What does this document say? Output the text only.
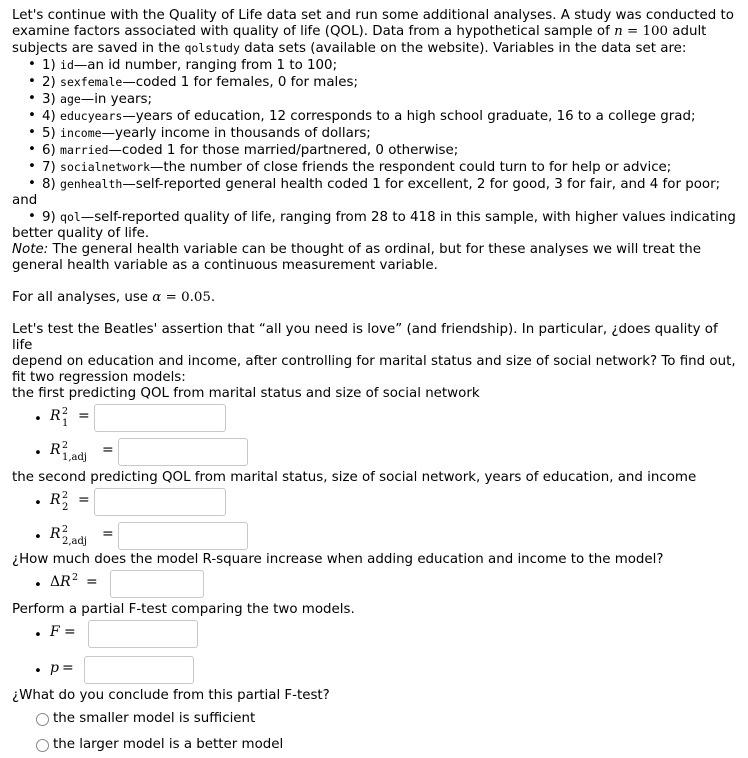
Let's continue with the Quality of Life data set and run some additional analyses. A study was conducted to
examine factors associated with quality of life (QOL). Data from a hypothetical sample of n = 100 adult
subjects are saved in the qolstudy data sets (available on the website). Variables in the data set are:

• 1) id—an id number, ranging from 1 to 100;
• 2) sexfemale—coded 1 for females, 0 for males;
• 3) age—in years;
• 4) educyears—years of education, 12 corresponds to a high school graduate, 16 to a college grad;
• 5) income—yearly income in thousands of dollars;
• 6) married—coded 1 for those married/partnered, 0 otherwise;
• 7) socialnetwork—the number of close friends the respondent could turn to for help or advice;
• 8) genhealth—self-reported general health coded 1 for excellent, 2 for good, 3 for fair, and 4 for poor;

and

• 9) qol—self-reported quality of life, ranging from 28 to 418 in this sample, with higher values indicating

better quality of life.

Note: The general health variable can be thought of as ordinal, but for these analyses we will treat the
general health variable as a continuous measurement variable.

For all analyses, use α = 0.05.

Let's test the Beatles' assertion that “all you need is love” (and friendship). In particular, ¿does quality of life
depend on education and income, after controlling for marital status and size of social network? To find out,
fit two regression models:
the first predicting QOL from marital status and size of social network

• R 2
1 =
• R 2
1,adj =

the second predicting QOL from marital status, size of social network, years of education, and income

• R 2
2 =
• R 2
2,adj =

¿How much does the model R-square increase when adding education and income to the model?

• ΔR 2 =

Perform a partial F-test comparing the two models.

• F =
• p =

¿What do you conclude from this partial F-test?

the smaller model is sufficient
the larger model is a better model
